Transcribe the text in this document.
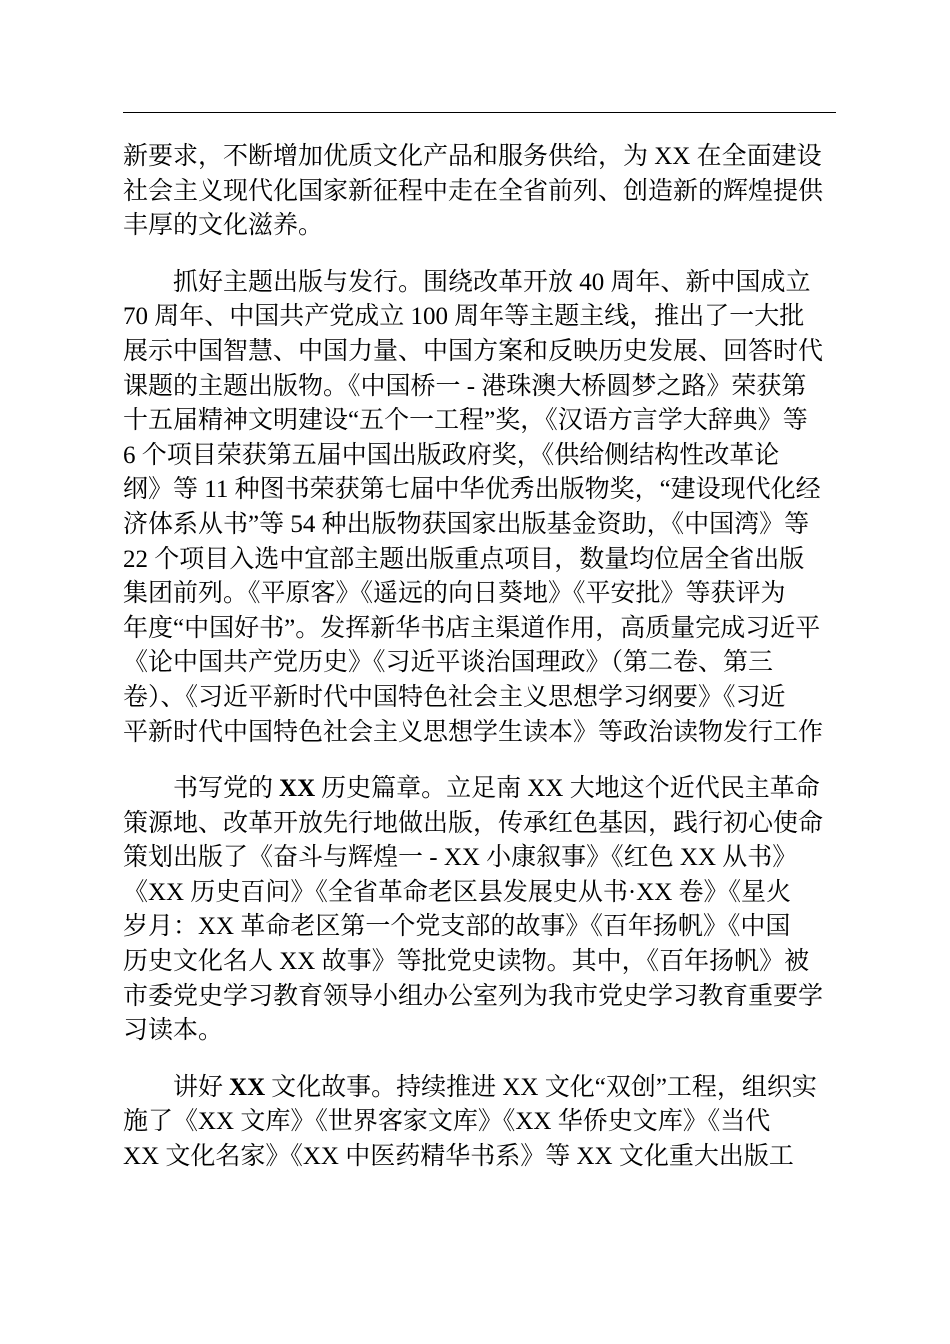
新要求，不断增加优质文化产品和服务供给，为 XX 在全面建设
社会主义现代化国家新征程中走在全省前列、创造新的辉煌提供
丰厚的文化滋养。
抓好主题出版与发行。围绕改革开放 40 周年、新中国成立
70 周年、中国共产党成立 100 周年等主题主线，推出了一大批
展示中国智慧、中国力量、中国方案和反映历史发展、回答时代
课题的主题出版物。《中国桥一 - 港珠澳大桥圆梦之路》荣获第
十五届精神文明建设“五个一工程”奖，《汉语方言学大辞典》等
6 个项目荣获第五届中国出版政府奖，《供给侧结构性改革论
纲》等 11 种图书荣获第七届中华优秀出版物奖，“建设现代化经
济体系从书”等 54 种出版物获国家出版基金资助，《中国湾》等
22 个项目入选中宜部主题出版重点项目，数量均位居全省出版
集团前列。《平原客》《遥远的向日葵地》《平安批》等获评为
年度“中国好书”。发挥新华书店主渠道作用，高质量完成习近平
《论中国共产党历史》《习近平谈治国理政》（第二卷、第三
卷）、《习近平新时代中国特色社会主义思想学习纲要》《习近
平新时代中国特色社会主义思想学生读本》等政治读物发行工作
书写党的 XX 历史篇章。立足南 XX 大地这个近代民主革命
策源地、改革开放先行地做出版，传承红色基因，践行初心使命
策划出版了《奋斗与辉煌一 - XX 小康叙事》《红色 XX 从书》
《XX 历史百问》《全省革命老区县发展史从书·XX 卷》《星火
岁月：XX 革命老区第一个党支部的故事》《百年扬帆》《中国
历史文化名人 XX 故事》等批党史读物。其中，《百年扬帆》被
市委党史学习教育领导小组办公室列为我市党史学习教育重要学
习读本。
讲好 XX 文化故事。持续推进 XX 文化“双创”工程，组织实
施了《XX 文库》《世界客家文库》《XX 华侨史文库》《当代
XX 文化名家》《XX 中医药精华书系》等 XX 文化重大出版工
